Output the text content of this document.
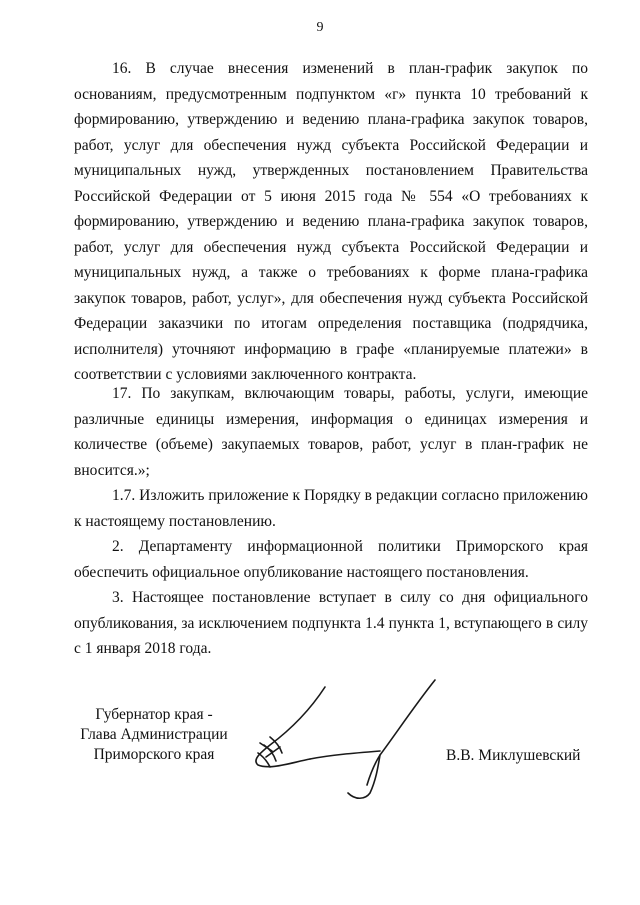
9

16. В случае внесения изменений в план-график закупок по основаниям, предусмотренным подпунктом «г» пункта 10 требований к формированию, утверждению и ведению плана-графика закупок товаров, работ, услуг для обеспечения нужд субъекта Российской Федерации и муниципальных нужд, утвержденных постановлением Правительства Российской Федерации от 5 июня 2015 года № 554 «О требованиях к формированию, утверждению и ведению плана-графика закупок товаров, работ, услуг для обеспечения нужд субъекта Российской Федерации и муниципальных нужд, а также о требованиях к форме плана-графика закупок товаров, работ, услуг», для обеспечения нужд субъекта Российской Федерации заказчики по итогам определения поставщика (подрядчика, исполнителя) уточняют информацию в графе «планируемые платежи» в соответствии с условиями заключенного контракта.

17. По закупкам, включающим товары, работы, услуги, имеющие различные единицы измерения, информация о единицах измерения и количестве (объеме) закупаемых товаров, работ, услуг в план-график не вносится.»;

1.7. Изложить приложение к Порядку в редакции согласно приложению к настоящему постановлению.

2. Департаменту информационной политики Приморского края обеспечить официальное опубликование настоящего постановления.

3. Настоящее постановление вступает в силу со дня официального опубликования, за исключением подпункта 1.4 пункта 1, вступающего в силу с 1 января 2018 года.

Губернатор края -
Глава Администрации
Приморского края	В.В. Миклушевский
